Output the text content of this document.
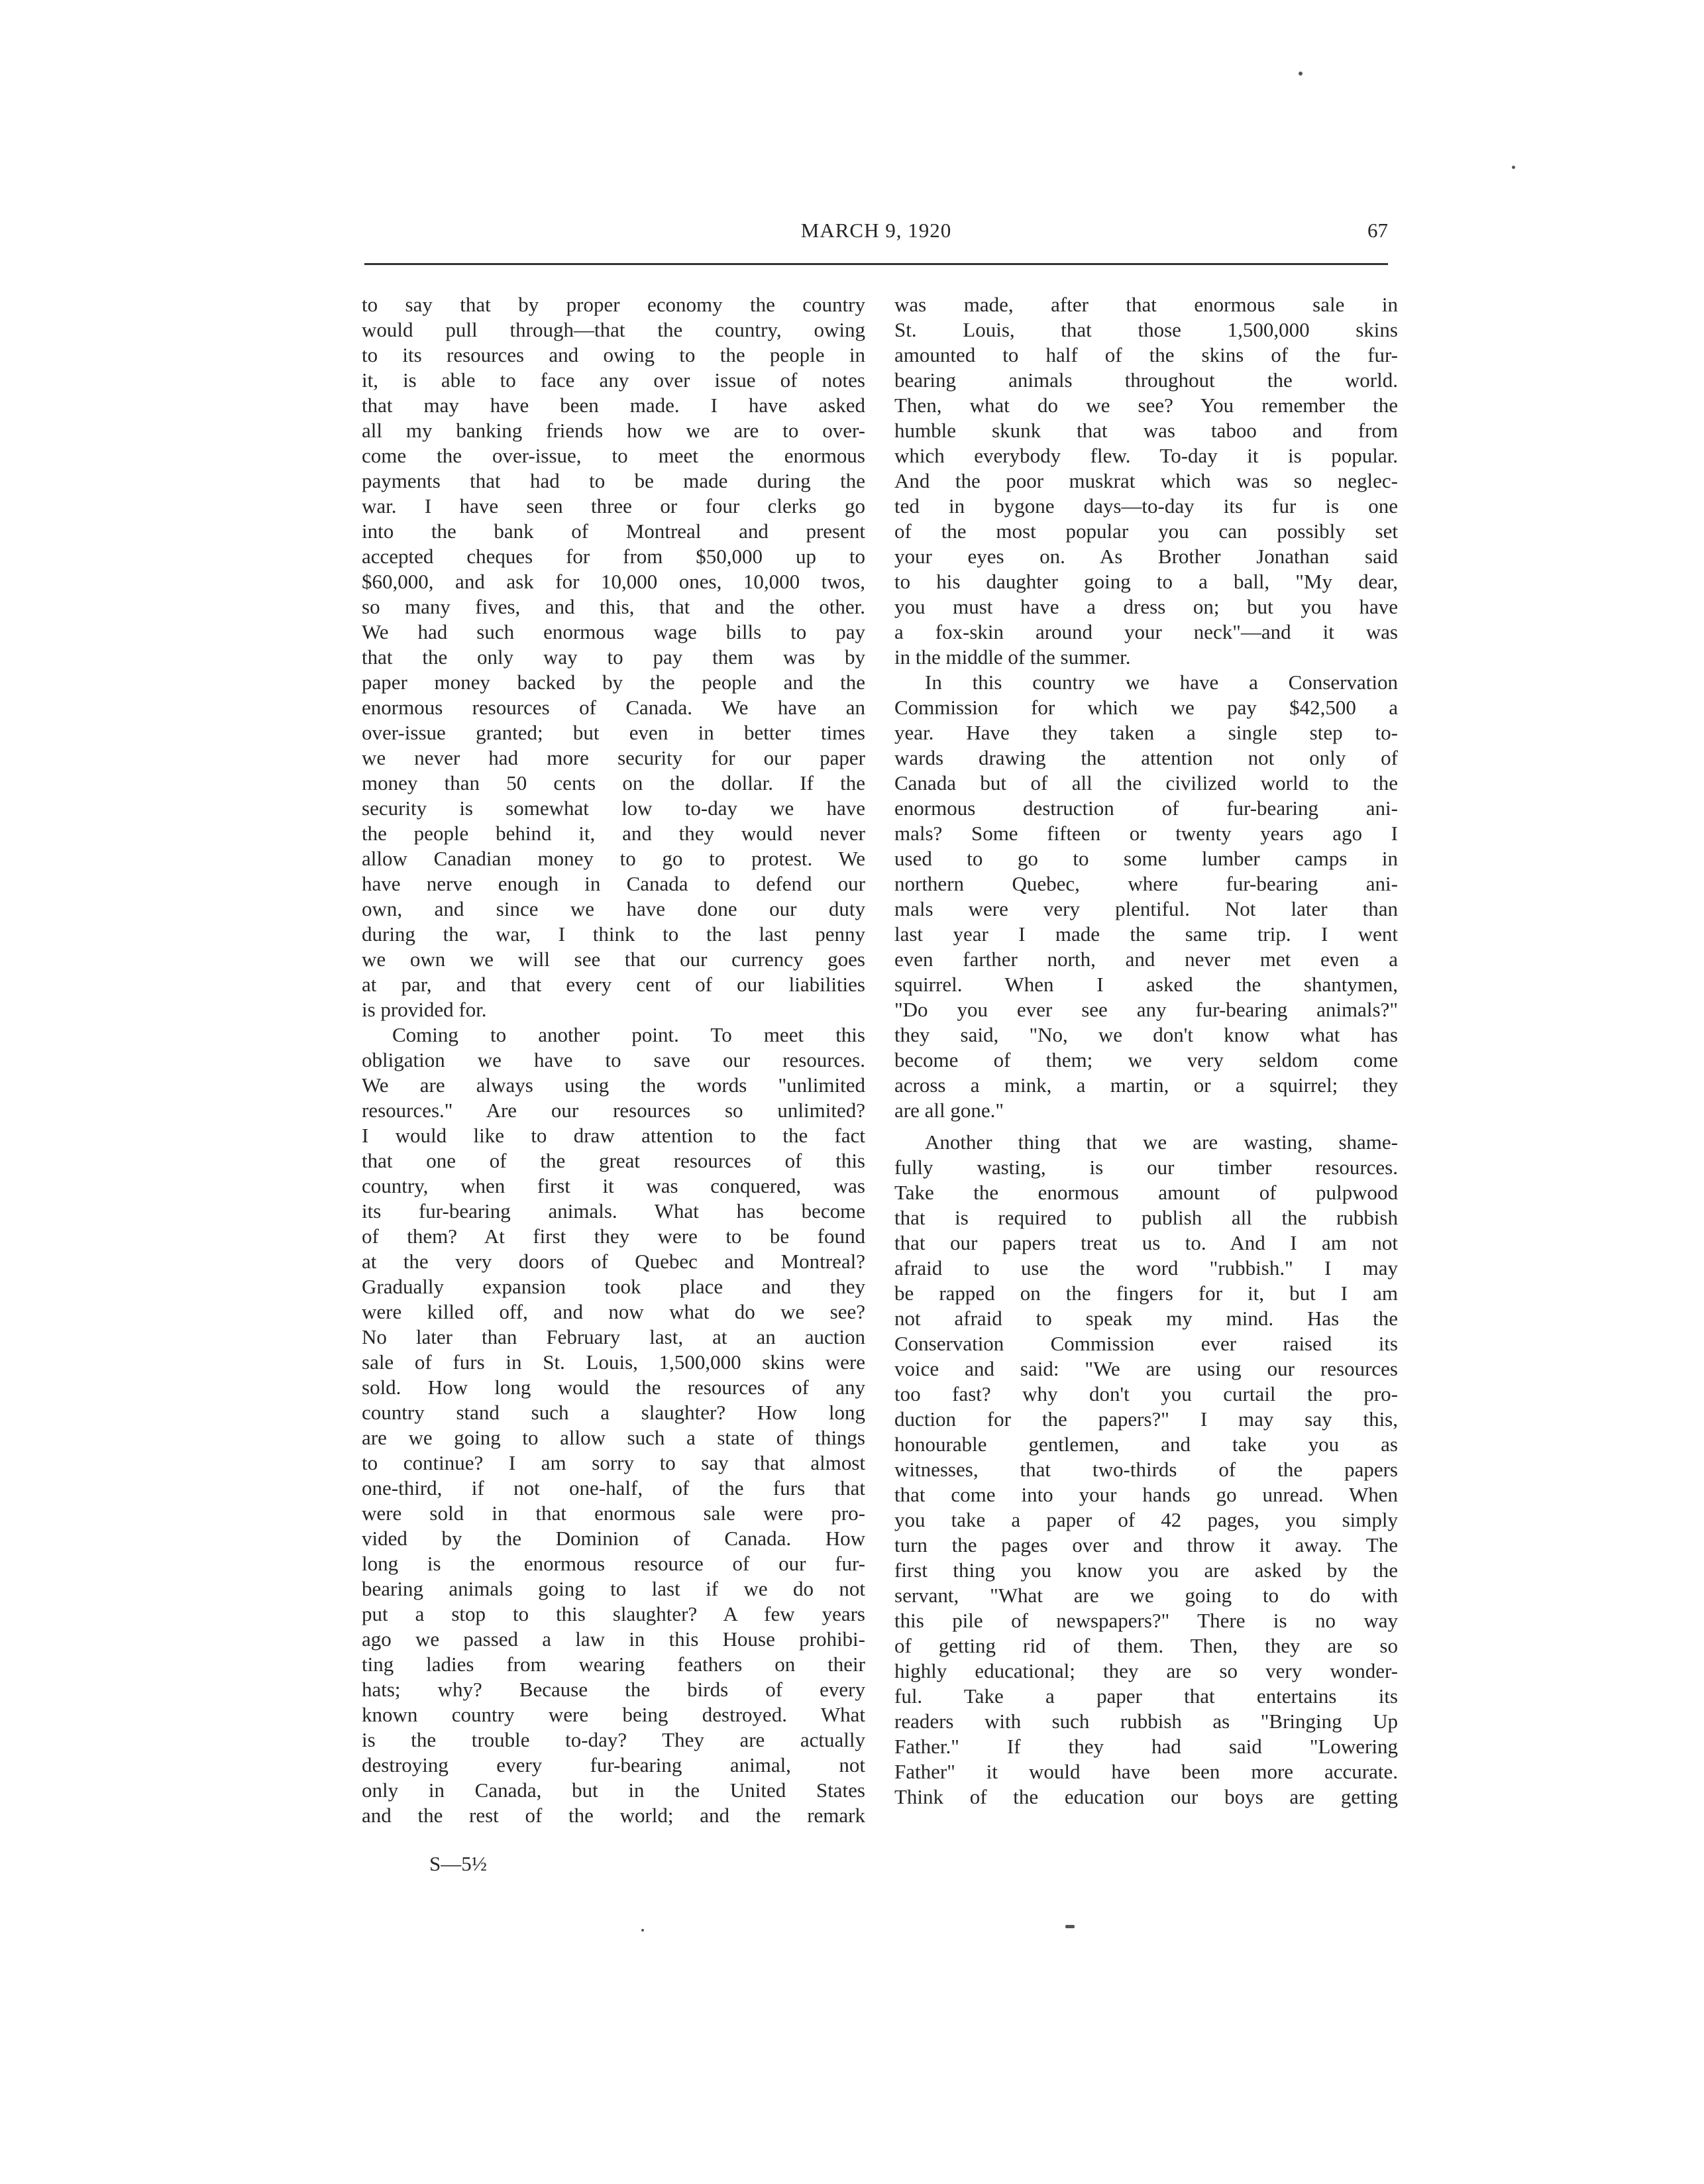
MARCH 9, 1920	67
to say that by proper economy the country
would pull through—that the country, owing
to its resources and owing to the people in
it, is able to face any over issue of notes
that may have been made. I have asked
all my banking friends how we are to over-
come the over-issue, to meet the enormous
payments that had to be made during the
war. I have seen three or four clerks go
into the bank of Montreal and present
accepted cheques for from $50,000 up to
$60,000, and ask for 10,000 ones, 10,000 twos,
so many fives, and this, that and the other.
We had such enormous wage bills to pay
that the only way to pay them was by
paper money backed by the people and the
enormous resources of Canada. We have an
over-issue granted; but even in better times
we never had more security for our paper
money than 50 cents on the dollar. If the
security is somewhat low to-day we have
the people behind it, and they would never
allow Canadian money to go to protest. We
have nerve enough in Canada to defend our
own, and since we have done our duty
during the war, I think to the last penny
we own we will see that our currency goes
at par, and that every cent of our liabilities
is provided for.
Coming to another point. To meet this
obligation we have to save our resources.
We are always using the words "unlimited
resources." Are our resources so unlimited?
I would like to draw attention to the fact
that one of the great resources of this
country, when first it was conquered, was
its fur-bearing animals. What has become
of them? At first they were to be found
at the very doors of Quebec and Montreal?
Gradually expansion took place and they
were killed off, and now what do we see?
No later than February last, at an auction
sale of furs in St. Louis, 1,500,000 skins were
sold. How long would the resources of any
country stand such a slaughter? How long
are we going to allow such a state of things
to continue? I am sorry to say that almost
one-third, if not one-half, of the furs that
were sold in that enormous sale were pro-
vided by the Dominion of Canada. How
long is the enormous resource of our fur-
bearing animals going to last if we do not
put a stop to this slaughter? A few years
ago we passed a law in this House prohibi-
ting ladies from wearing feathers on their
hats; why? Because the birds of every
known country were being destroyed. What
is the trouble to-day? They are actually
destroying every fur-bearing animal, not
only in Canada, but in the United States
and the rest of the world; and the remark
was made, after that enormous sale in
St. Louis, that those 1,500,000 skins
amounted to half of the skins of the fur-
bearing animals throughout the world.
Then, what do we see? You remember the
humble skunk that was taboo and from
which everybody flew. To-day it is popular.
And the poor muskrat which was so neglec-
ted in bygone days—to-day its fur is one
of the most popular you can possibly set
your eyes on. As Brother Jonathan said
to his daughter going to a ball, "My dear,
you must have a dress on; but you have
a fox-skin around your neck"—and it was
in the middle of the summer.
In this country we have a Conservation
Commission for which we pay $42,500 a
year. Have they taken a single step to-
wards drawing the attention not only of
Canada but of all the civilized world to the
enormous destruction of fur-bearing ani-
mals? Some fifteen or twenty years ago I
used to go to some lumber camps in
northern Quebec, where fur-bearing ani-
mals were very plentiful. Not later than
last year I made the same trip. I went
even farther north, and never met even a
squirrel. When I asked the shantymen,
"Do you ever see any fur-bearing animals?"
they said, "No, we don't know what has
become of them; we very seldom come
across a mink, a martin, or a squirrel; they
are all gone."
Another thing that we are wasting, shame-
fully wasting, is our timber resources.
Take the enormous amount of pulpwood
that is required to publish all the rubbish
that our papers treat us to. And I am not
afraid to use the word "rubbish." I may
be rapped on the fingers for it, but I am
not afraid to speak my mind. Has the
Conservation Commission ever raised its
voice and said: "We are using our resources
too fast? why don't you curtail the pro-
duction for the papers?" I may say this,
honourable gentlemen, and take you as
witnesses, that two-thirds of the papers
that come into your hands go unread. When
you take a paper of 42 pages, you simply
turn the pages over and throw it away. The
first thing you know you are asked by the
servant, "What are we going to do with
this pile of newspapers?" There is no way
of getting rid of them. Then, they are so
highly educational; they are so very wonder-
ful. Take a paper that entertains its
readers with such rubbish as "Bringing Up
Father." If they had said "Lowering
Father" it would have been more accurate.
Think of the education our boys are getting
S—5½
